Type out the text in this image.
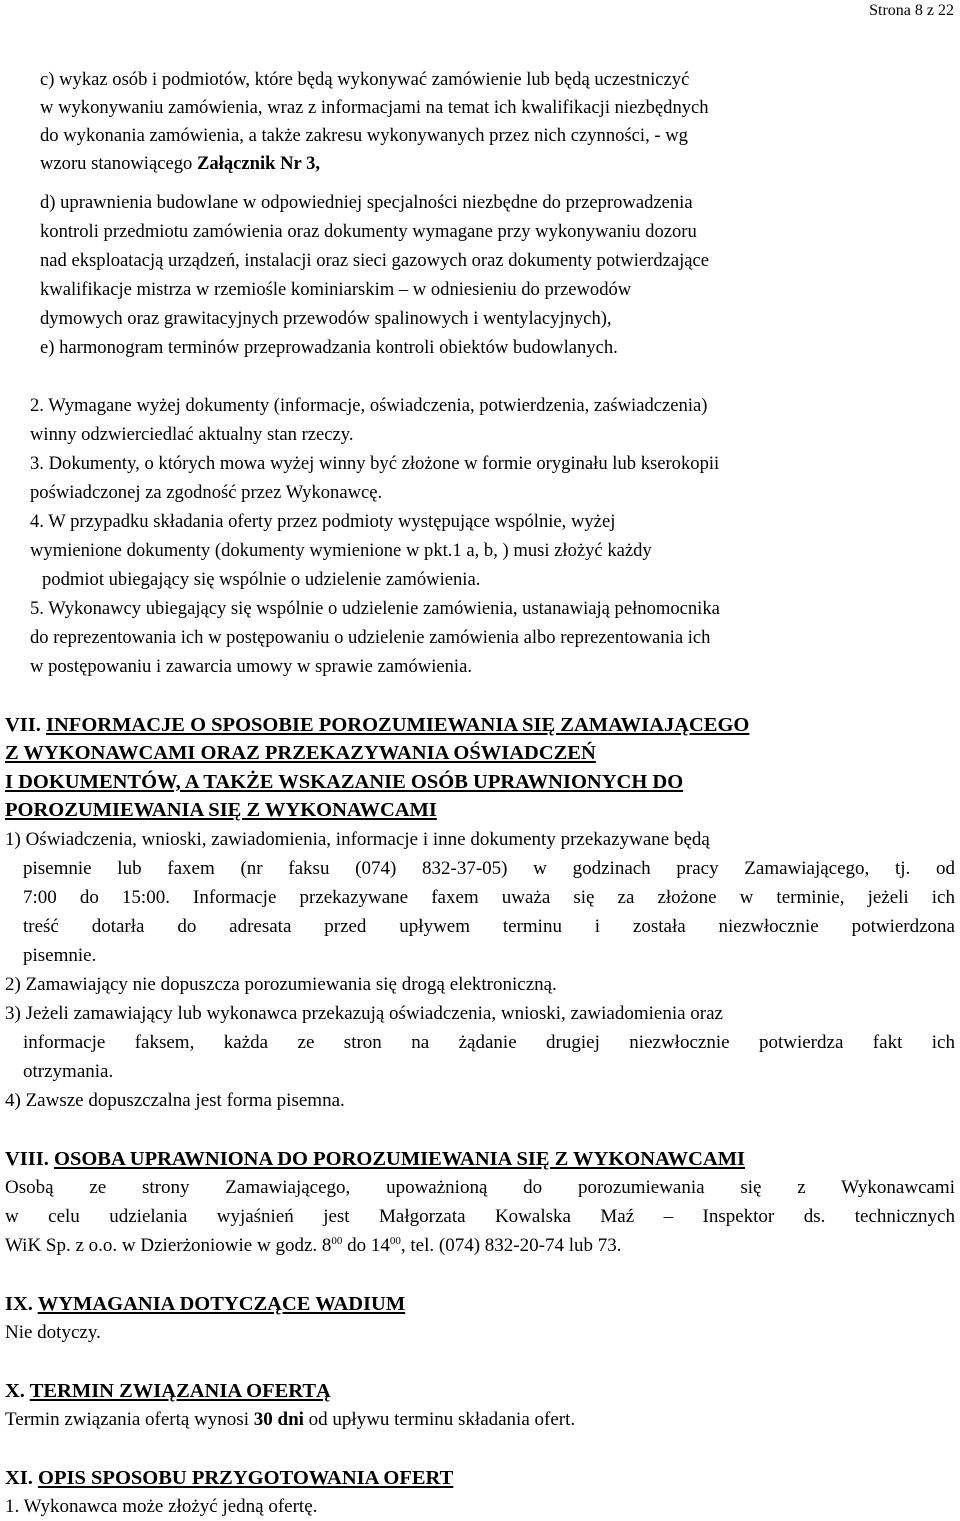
Strona 8 z 22
c) wykaz osób i podmiotów, które będą wykonywać zamówienie lub będą uczestniczyć
w wykonywaniu zamówienia, wraz z informacjami na temat ich kwalifikacji niezbędnych
do wykonania zamówienia, a także zakresu wykonywanych przez nich czynności, - wg
wzoru stanowiącego Załącznik Nr 3,
d) uprawnienia budowlane w odpowiedniej specjalności niezbędne do przeprowadzenia
kontroli przedmiotu zamówienia oraz dokumenty wymagane przy wykonywaniu dozoru
nad eksploatacją urządzeń, instalacji oraz sieci gazowych oraz dokumenty potwierdzające
kwalifikacje mistrza w rzemiośle kominiarskim – w odniesieniu do przewodów
dymowych oraz grawitacyjnych przewodów spalinowych i wentylacyjnych),
e) harmonogram terminów przeprowadzania kontroli obiektów budowlanych.
2. Wymagane wyżej dokumenty (informacje, oświadczenia, potwierdzenia, zaświadczenia)
winny odzwierciedlać aktualny stan rzeczy.
3. Dokumenty, o których mowa wyżej winny być złożone w formie oryginału lub kserokopii
poświadczonej za zgodność przez Wykonawcę.
4. W przypadku składania oferty przez podmioty występujące wspólnie, wyżej
wymienione dokumenty (dokumenty wymienione w pkt.1 a, b, ) musi złożyć każdy
podmiot ubiegający się wspólnie o udzielenie zamówienia.
5. Wykonawcy ubiegający się wspólnie o udzielenie zamówienia, ustanawiają pełnomocnika
do reprezentowania ich w postępowaniu o udzielenie zamówienia albo reprezentowania ich
w postępowaniu i zawarcia umowy w sprawie zamówienia.
VII. INFORMACJE O SPOSOBIE POROZUMIEWANIA SIĘ ZAMAWIAJĄCEGO
Z WYKONAWCAMI ORAZ PRZEKAZYWANIA OŚWIADCZEŃ
I DOKUMENTÓW, A TAKŻE WSKAZANIE OSÓB UPRAWNIONYCH DO
POROZUMIEWANIA SIĘ Z WYKONAWCAMI
1) Oświadczenia, wnioski, zawiadomienia, informacje i inne dokumenty przekazywane będą
pisemnie lub faxem (nr faksu (074) 832-37-05) w godzinach pracy Zamawiającego, tj. od
7:00 do 15:00. Informacje przekazywane faxem uważa się za złożone w terminie, jeżeli ich
treść dotarła do adresata przed upływem terminu i została niezwłocznie potwierdzona
pisemnie.
2) Zamawiający nie dopuszcza porozumiewania się drogą elektroniczną.
3) Jeżeli zamawiający lub wykonawca przekazują oświadczenia, wnioski, zawiadomienia oraz
informacje faksem, każda ze stron na żądanie drugiej niezwłocznie potwierdza fakt ich
otrzymania.
4) Zawsze dopuszczalna jest forma pisemna.
VIII. OSOBA UPRAWNIONA DO POROZUMIEWANIA SIĘ Z WYKONAWCAMI
Osobą ze strony Zamawiającego, upoważnioną do porozumiewania się z Wykonawcami
w celu udzielania wyjaśnień jest Małgorzata Kowalska Maź – Inspektor ds. technicznych
WiK Sp. z o.o. w Dzierżoniowie w godz. $8^{00}$ do $14^{00}$, tel. (074) 832-20-74 lub 73.
IX. WYMAGANIA DOTYCZĄCE WADIUM
Nie dotyczy.
X. TERMIN ZWIĄZANIA OFERTĄ
Termin związania ofertą wynosi 30 dni od upływu terminu składania ofert.
XI. OPIS SPOSOBU PRZYGOTOWANIA OFERT
1. Wykonawca może złożyć jedną ofertę.
